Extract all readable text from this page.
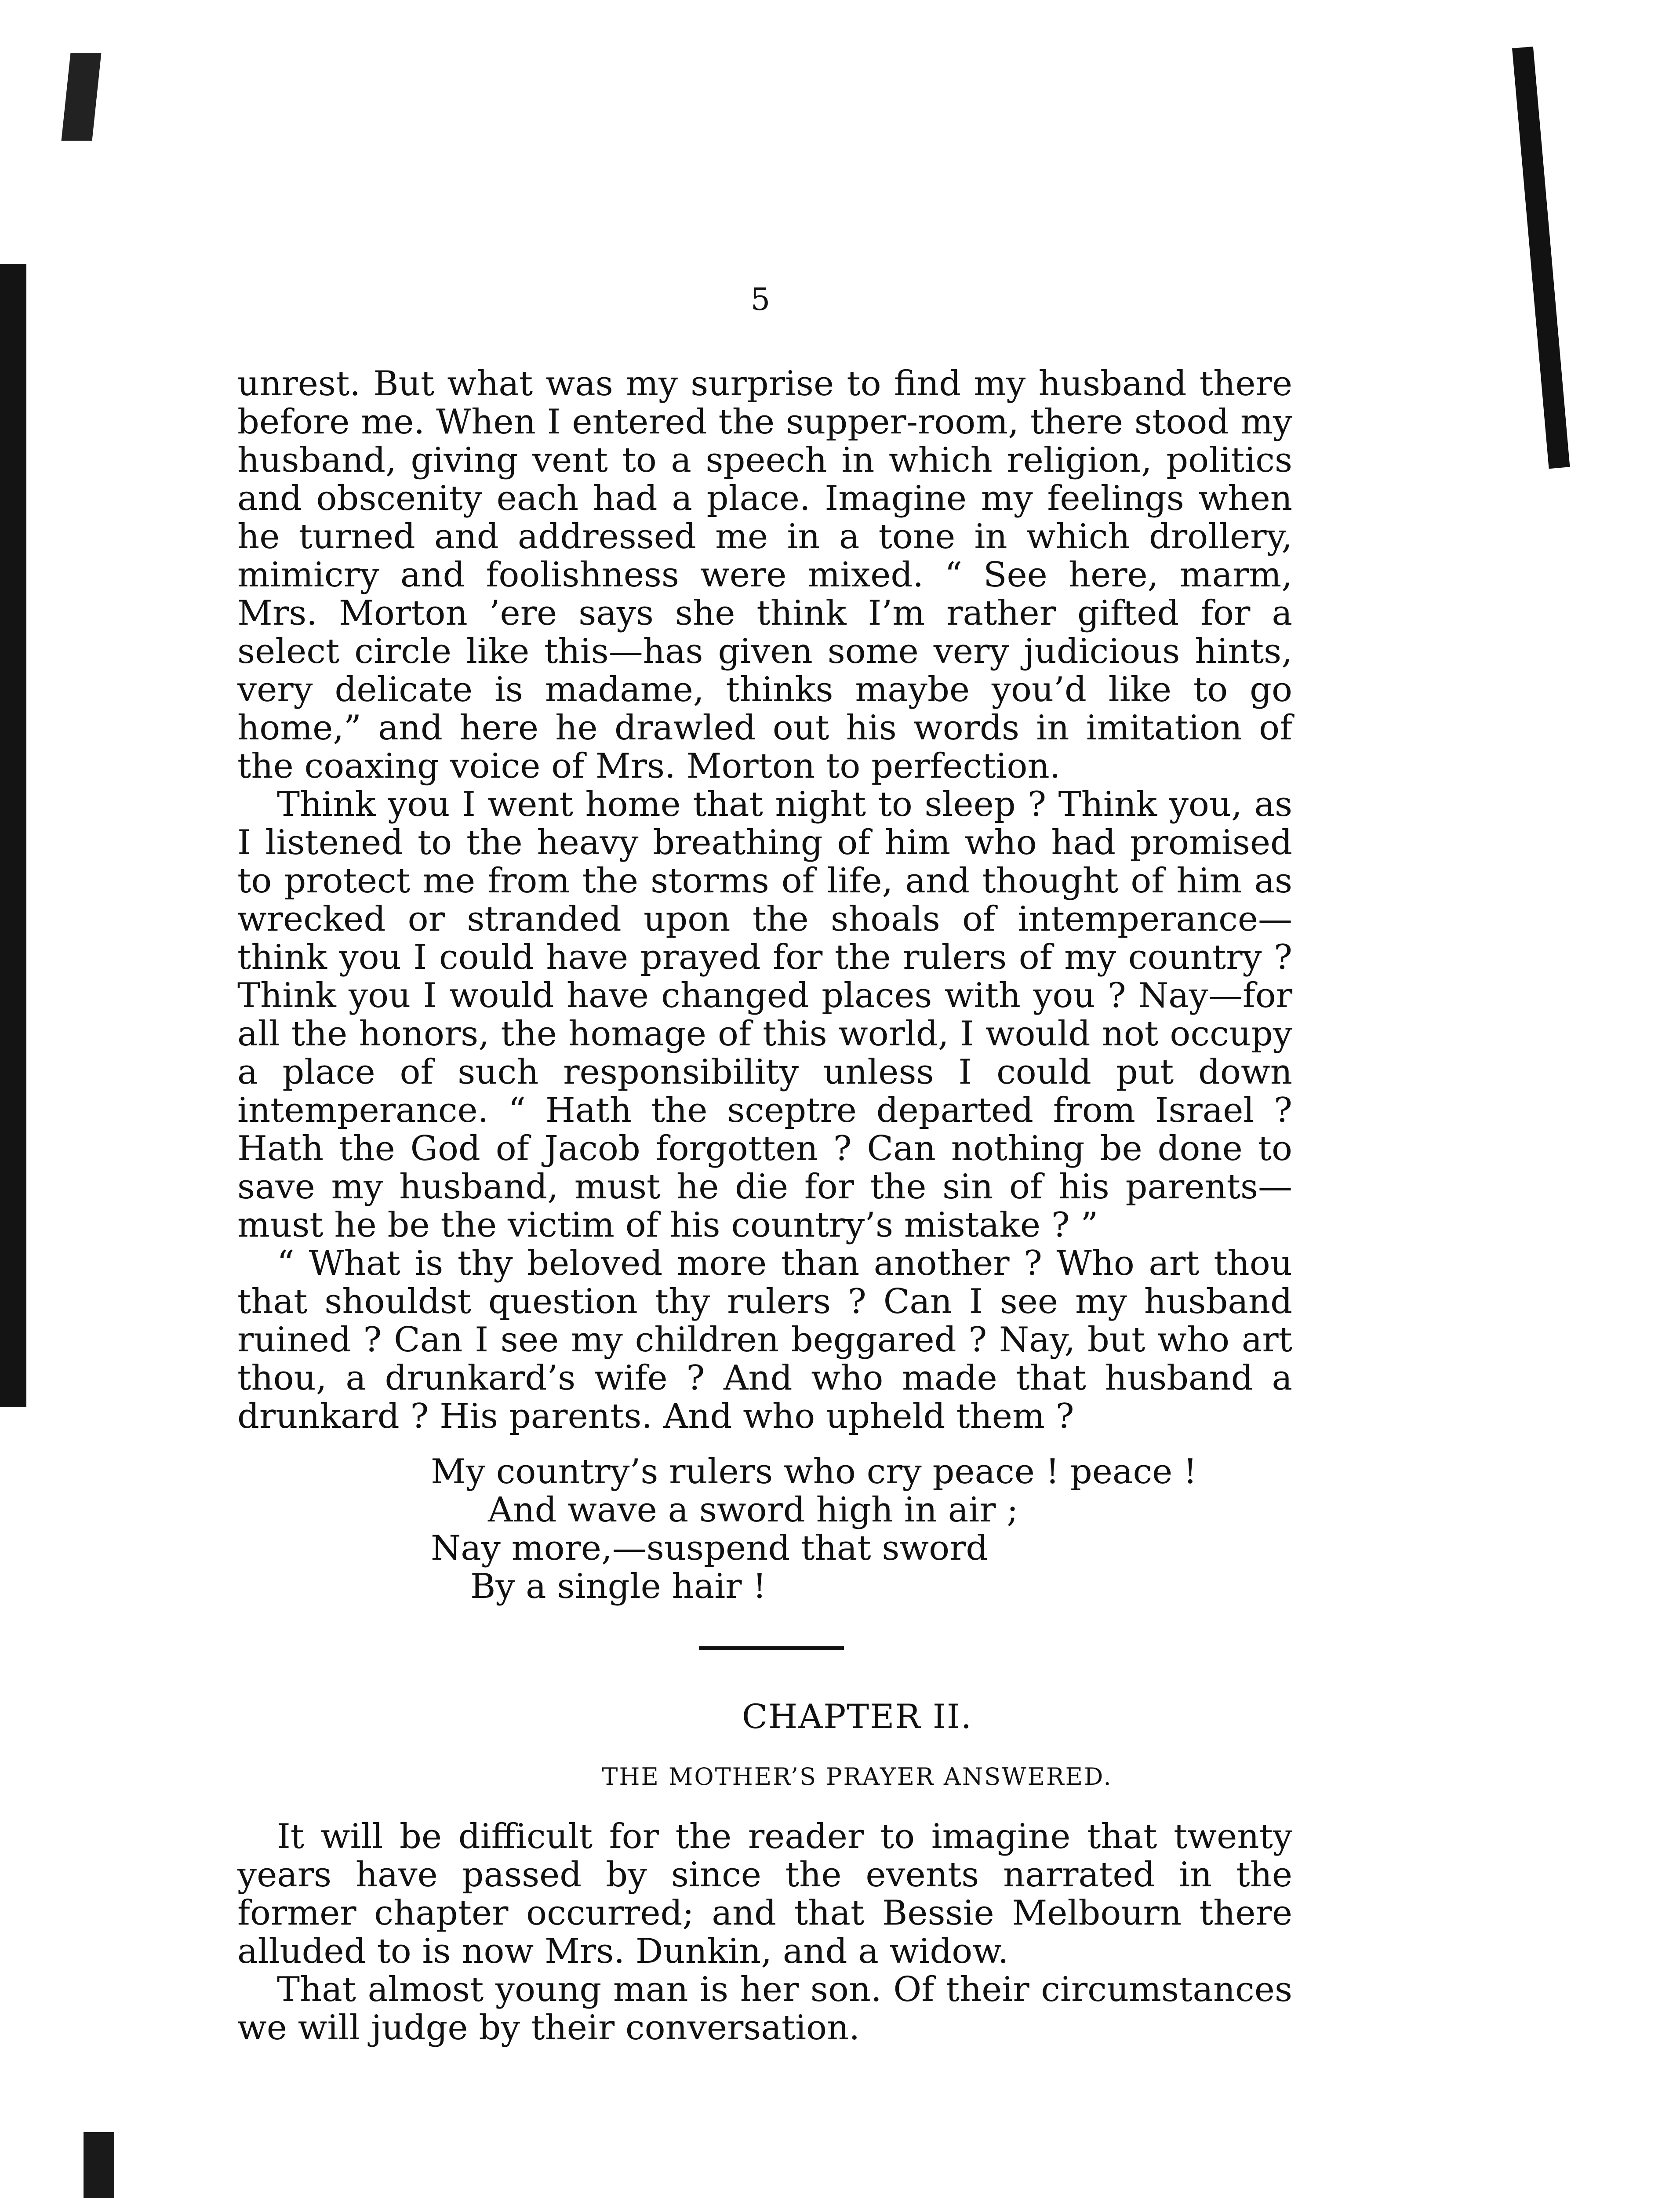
5

unrest. But what was my surprise to find my husband there before me. When I entered the supper-room, there stood my husband, giving vent to a speech in which religion, politics and obscenity each had a place. Imagine my feelings when he turned and addressed me in a tone in which drollery, mimicry and foolishness were mixed. “ See here, marm, Mrs. Morton ’ere says she think I’m rather gifted for a select circle like this—has given some very judicious hints, very delicate is madame, thinks maybe you’d like to go home,” and here he drawled out his words in imitation of the coaxing voice of Mrs. Morton to perfection.

Think you I went home that night to sleep ? Think you, as I listened to the heavy breathing of him who had promised to protect me from the storms of life, and thought of him as wrecked or stranded upon the shoals of intemperance—think you I could have prayed for the rulers of my country ? Think you I would have changed places with you ? Nay—for all the honors, the homage of this world, I would not occupy a place of such responsibility unless I could put down intemperance. “ Hath the sceptre departed from Israel ? Hath the God of Jacob forgotten ? Can nothing be done to save my husband, must he die for the sin of his parents—must he be the victim of his country’s mistake ? ”

“ What is thy beloved more than another ? Who art thou that shouldst question thy rulers ? Can I see my husband ruined ? Can I see my children beggared ? Nay, but who art thou, a drunkard’s wife ? And who made that husband a drunkard ? His parents. And who upheld them ?

My country’s rulers who cry peace ! peace !
And wave a sword high in air ;
Nay more,—suspend that sword
By a single hair !
CHAPTER II.
THE MOTHER’S PRAYER ANSWERED.

It will be difficult for the reader to imagine that twenty years have passed by since the events narrated in the former chapter occurred; and that Bessie Melbourn there alluded to is now Mrs. Dunkin, and a widow.

That almost young man is her son. Of their circumstances we will judge by their conversation.
